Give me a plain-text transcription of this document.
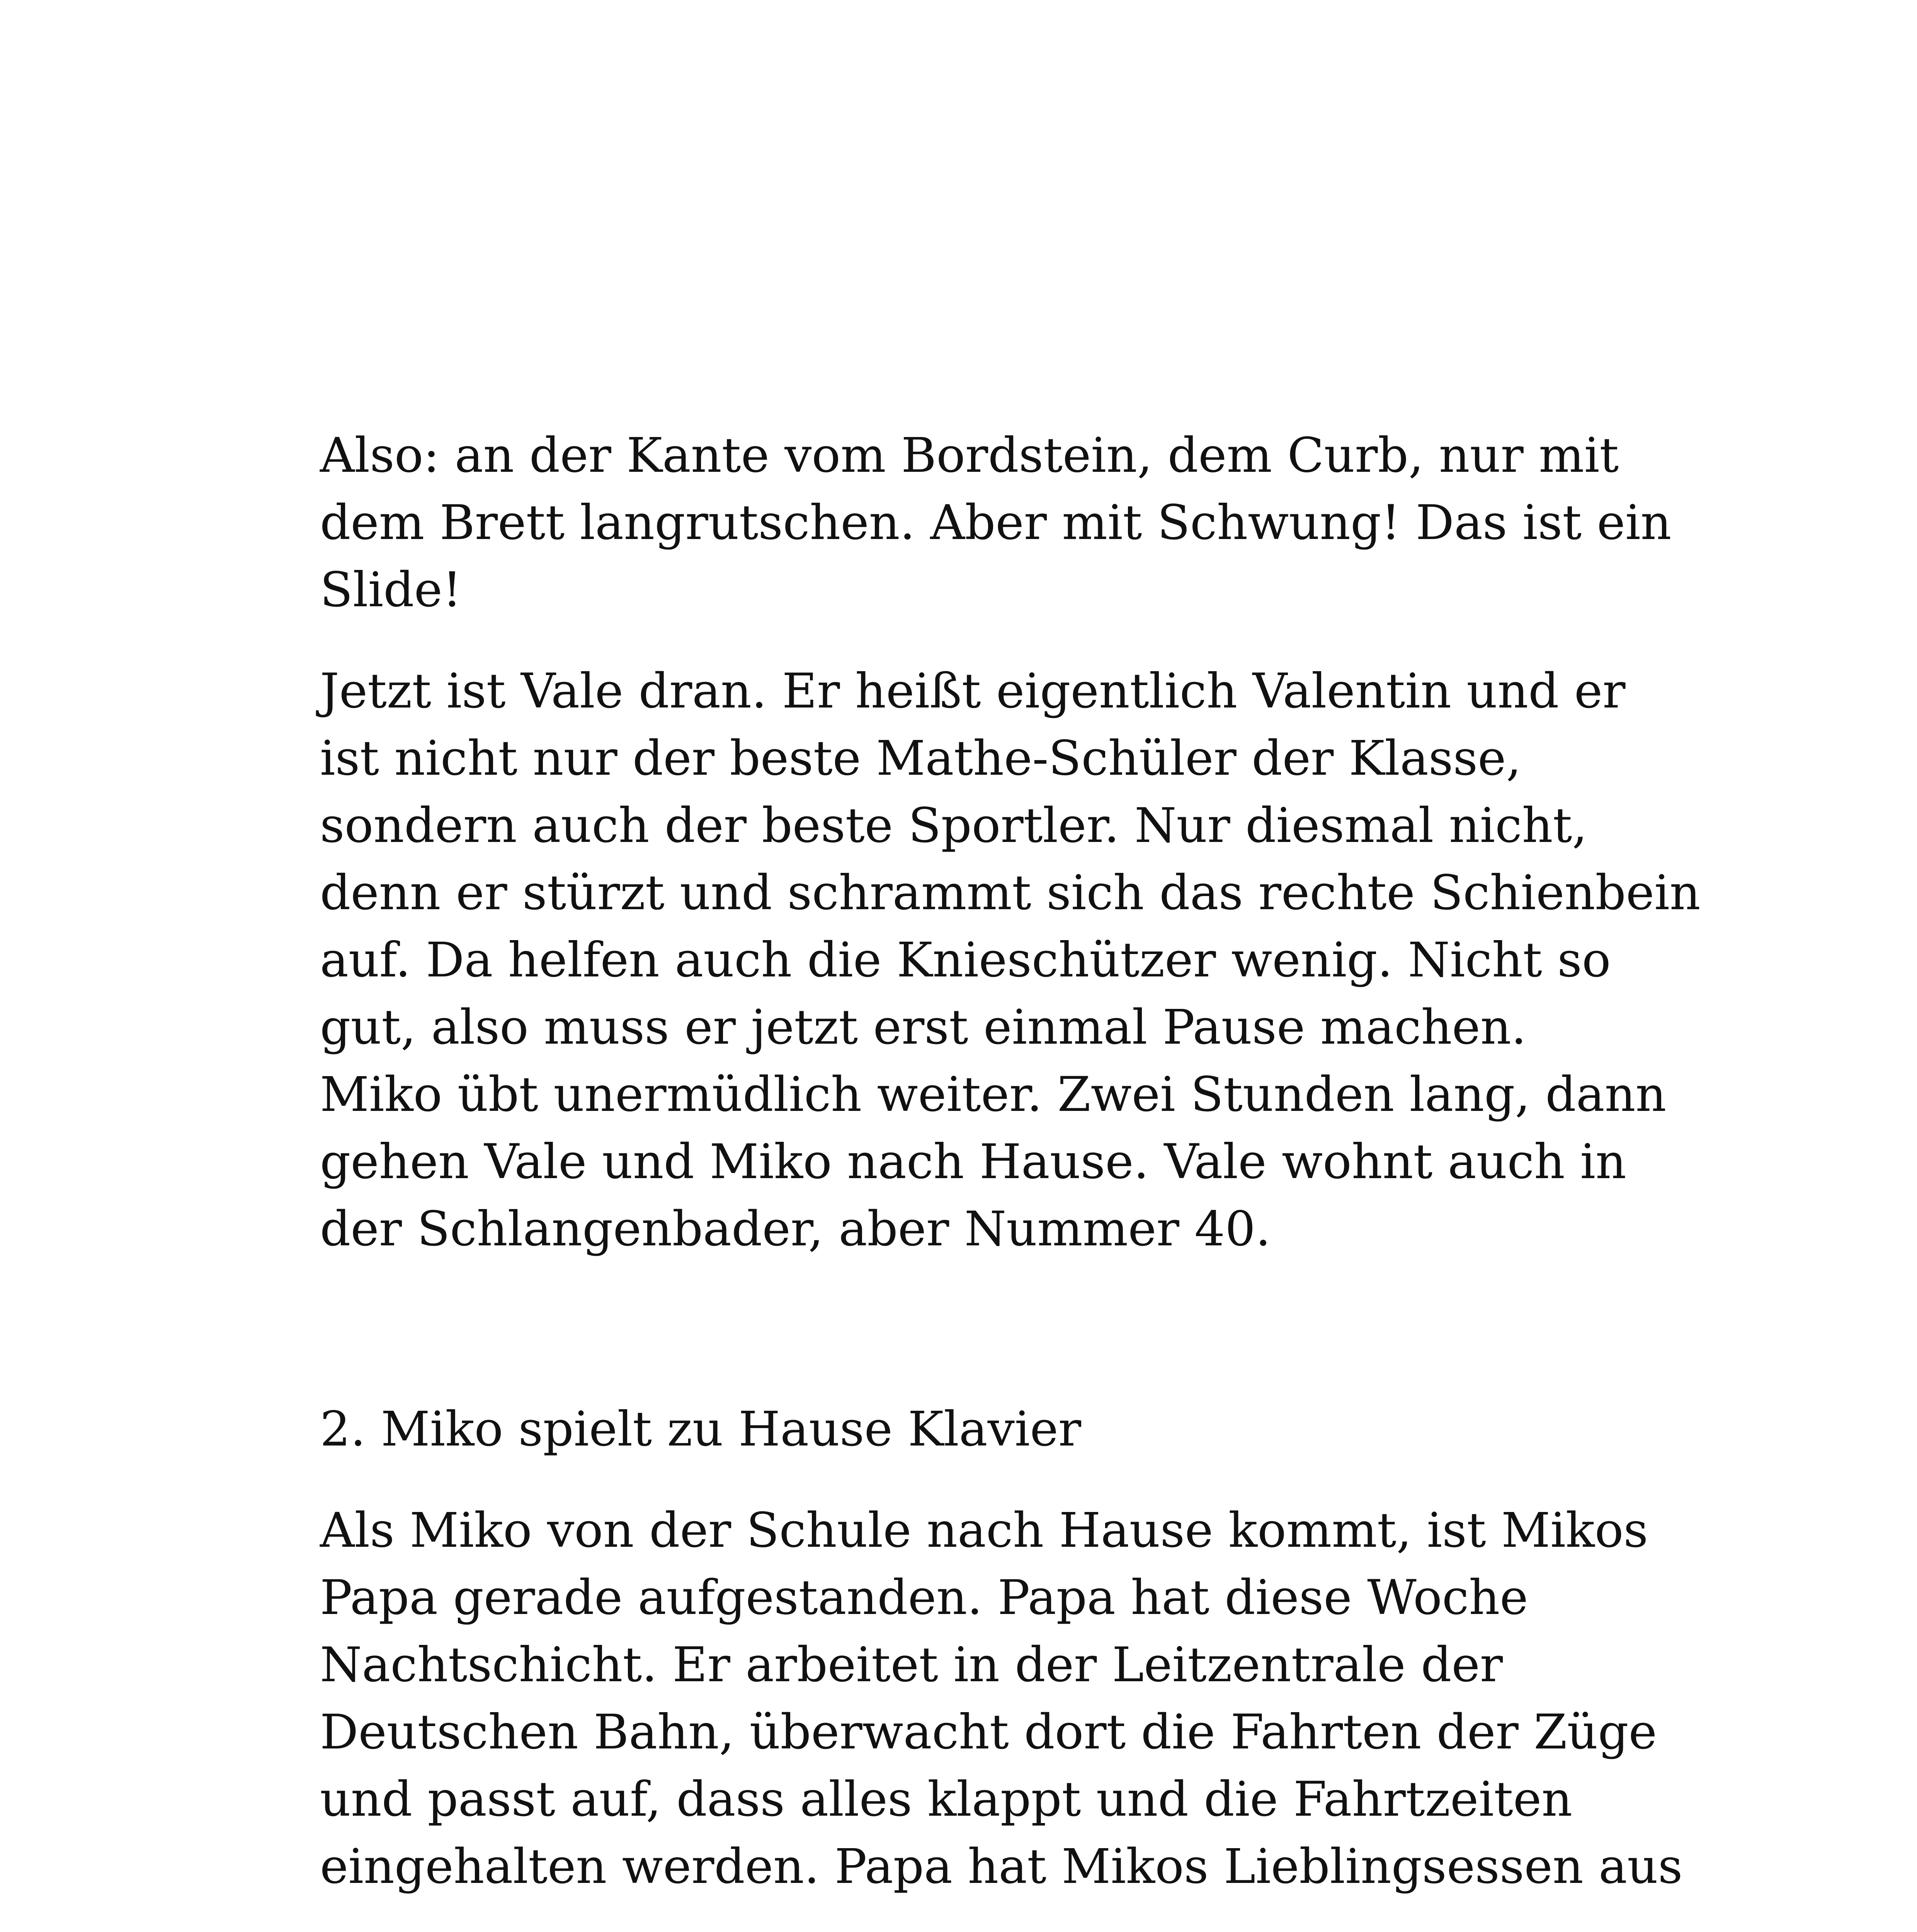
Also: an der Kante vom Bordstein, dem Curb, nur mit
dem Brett langrutschen. Aber mit Schwung! Das ist ein
Slide!
Jetzt ist Vale dran. Er heißt eigentlich Valentin und er
ist nicht nur der beste Mathe-Schüler der Klasse,
sondern auch der beste Sportler. Nur diesmal nicht,
denn er stürzt und schrammt sich das rechte Schienbein
auf. Da helfen auch die Knieschützer wenig. Nicht so
gut, also muss er jetzt erst einmal Pause machen.
Miko übt unermüdlich weiter. Zwei Stunden lang, dann
gehen Vale und Miko nach Hause. Vale wohnt auch in
der Schlangenbader, aber Nummer 40.
2. Miko spielt zu Hause Klavier
Als Miko von der Schule nach Hause kommt, ist Mikos
Papa gerade aufgestanden. Papa hat diese Woche
Nachtschicht. Er arbeitet in der Leitzentrale der
Deutschen Bahn, überwacht dort die Fahrten der Züge
und passt auf, dass alles klappt und die Fahrtzeiten
eingehalten werden. Papa hat Mikos Lieblingsessen aus
